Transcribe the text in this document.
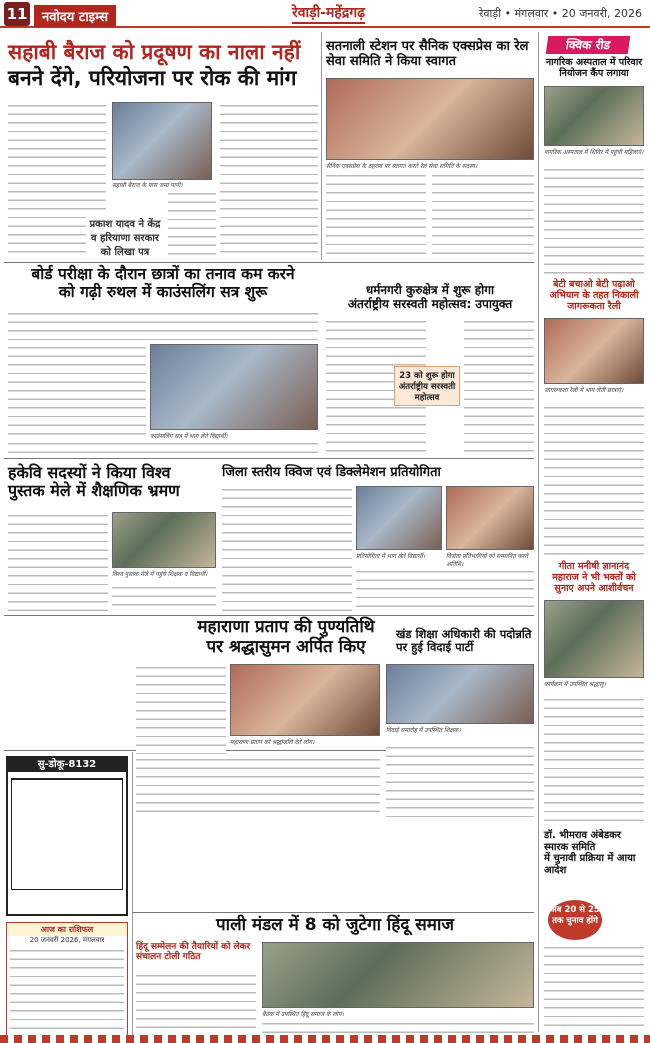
11	नवोदय टाइम्स	रेवाड़ी-महेंद्रगढ़	रेवाड़ी • मंगलवार • 20 जनवरी, 2026
सहाबी बैराज को प्रदूषण का नाला नहीं
बनने देंगे, परियोजना पर रोक की मांग
सहाबी बैराज के पास जमा पानी।
प्रकाश यादव ने केंद्र व हरियाणा सरकार को लिखा पत्र
सतनाली स्टेशन पर सैनिक एक्सप्रेस का रेल सेवा समिति ने किया स्वागत
सैनिक एक्सप्रेस के ठहराव पर स्वागत करते रेल सेवा समिति के सदस्य।
क्विक रीड
नागरिक अस्पताल में परिवार नियोजन कैंप लगाया
नागरिक अस्पताल में शिविर में पहुंची महिलाएं।
बेटी बचाओ बेटी पढ़ाओ अभियान के तहत निकाली जागरूकता रैली
जागरूकता रैली में भाग लेती छात्राएं।
बोर्ड परीक्षा के दौरान छात्रों का तनाव कम करने
को गढ़ी रुथल में काउंसलिंग सत्र शुरू
काउंसलिंग सत्र में भाग लेते विद्यार्थी।
धर्मनगरी कुरुक्षेत्र में शुरू होगा
अंतर्राष्ट्रीय सरस्वती महोत्सव: उपायुक्त
23 को शुरू होगा अंतर्राष्ट्रीय सरस्वती महोत्सव
हकेवि सदस्यों ने किया विश्व
पुस्तक मेले में शैक्षणिक भ्रमण
विश्व पुस्तक मेले में पहुंचे शिक्षक व विद्यार्थी।
जिला स्तरीय क्विज एवं डिक्लेमेशन प्रतियोगिता
प्रतियोगिता में भाग लेते विद्यार्थी।	विजेता प्रतिभागियों को सम्मानित करते अतिथि।	गीता मनीषी ज्ञानानंद महाराज ने भी भक्तों को सुनाए अपने आशीर्वचन
कार्यक्रम में उपस्थित श्रद्धालु।
सु-डोकू-8132
महाराणा प्रताप की पुण्यतिथि
पर श्रद्धासुमन अर्पित किए
महाराणा प्रताप को श्रद्धांजलि देते लोग।
खंड शिक्षा अधिकारी की पदोन्नति पर हुई विदाई पार्टी
विदाई समारोह में उपस्थित शिक्षक।
आज का राशिफल
20 जनवरी 2026, मंगलवार
पाली मंडल में 8 को जुटेगा हिंदू समाज
हिंदू सम्मेलन की तैयारियों को लेकर संचालन टोली गठित
बैठक में उपस्थित हिंदू समाज के लोग।
डॉ. भीमराव अंबेडकर स्मारक समिति
में चुनावी प्रक्रिया में आया आदेश
अब 20 से 25 तक चुनाव होंगे
